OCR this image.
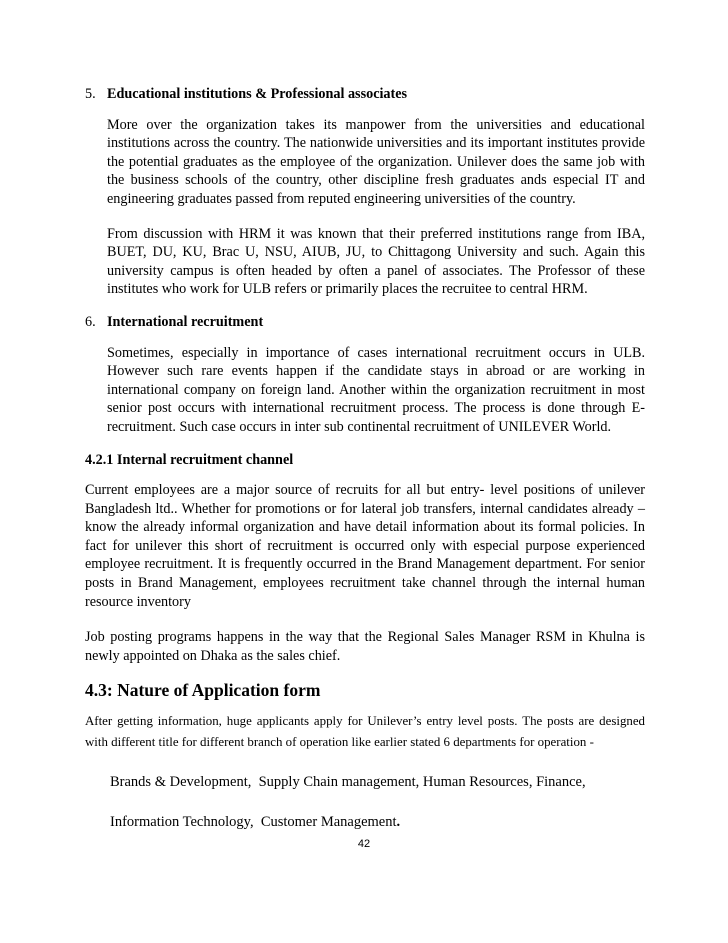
5. Educational institutions & Professional associates

More over the organization takes its manpower from the universities and educational institutions across the country. The nationwide universities and its important institutes provide the potential graduates as the employee of the organization. Unilever does the same job with the business schools of the country, other discipline fresh graduates ands especial IT and engineering graduates passed from reputed engineering universities of the country.

From discussion with HRM it was known that their preferred institutions range from IBA, BUET, DU, KU, Brac U, NSU, AIUB, JU, to Chittagong University and such. Again this university campus is often headed by often a panel of associates. The Professor of these institutes who work for ULB refers or primarily places the recruitee to central HRM.

6. International recruitment

Sometimes, especially in importance of cases international recruitment occurs in ULB. However such rare events happen if the candidate stays in abroad or are working in international company on foreign land. Another within the organization recruitment in most senior post occurs with international recruitment process. The process is done through E-recruitment. Such case occurs in inter sub continental recruitment of UNILEVER World.

4.2.1 Internal recruitment channel

Current employees are a major source of recruits for all but entry- level positions of unilever Bangladesh ltd.. Whether for promotions or for lateral job transfers, internal candidates already – know the already informal organization and have detail information about its formal policies. In fact for unilever this short of recruitment is occurred only with especial purpose experienced employee recruitment. It is frequently occurred in the Brand Management department. For senior posts in Brand Management, employees recruitment take channel through the internal human resource inventory

Job posting programs happens in the way that the Regional Sales Manager RSM in Khulna is newly appointed on Dhaka as the sales chief.

4.3: Nature of Application form

After getting information, huge applicants apply for Unilever’s entry level posts. The posts are designed with different title for different branch of operation like earlier stated 6 departments for operation -

Brands & Development,  Supply Chain management, Human Resources, Finance,
Information Technology,  Customer Management.
42
